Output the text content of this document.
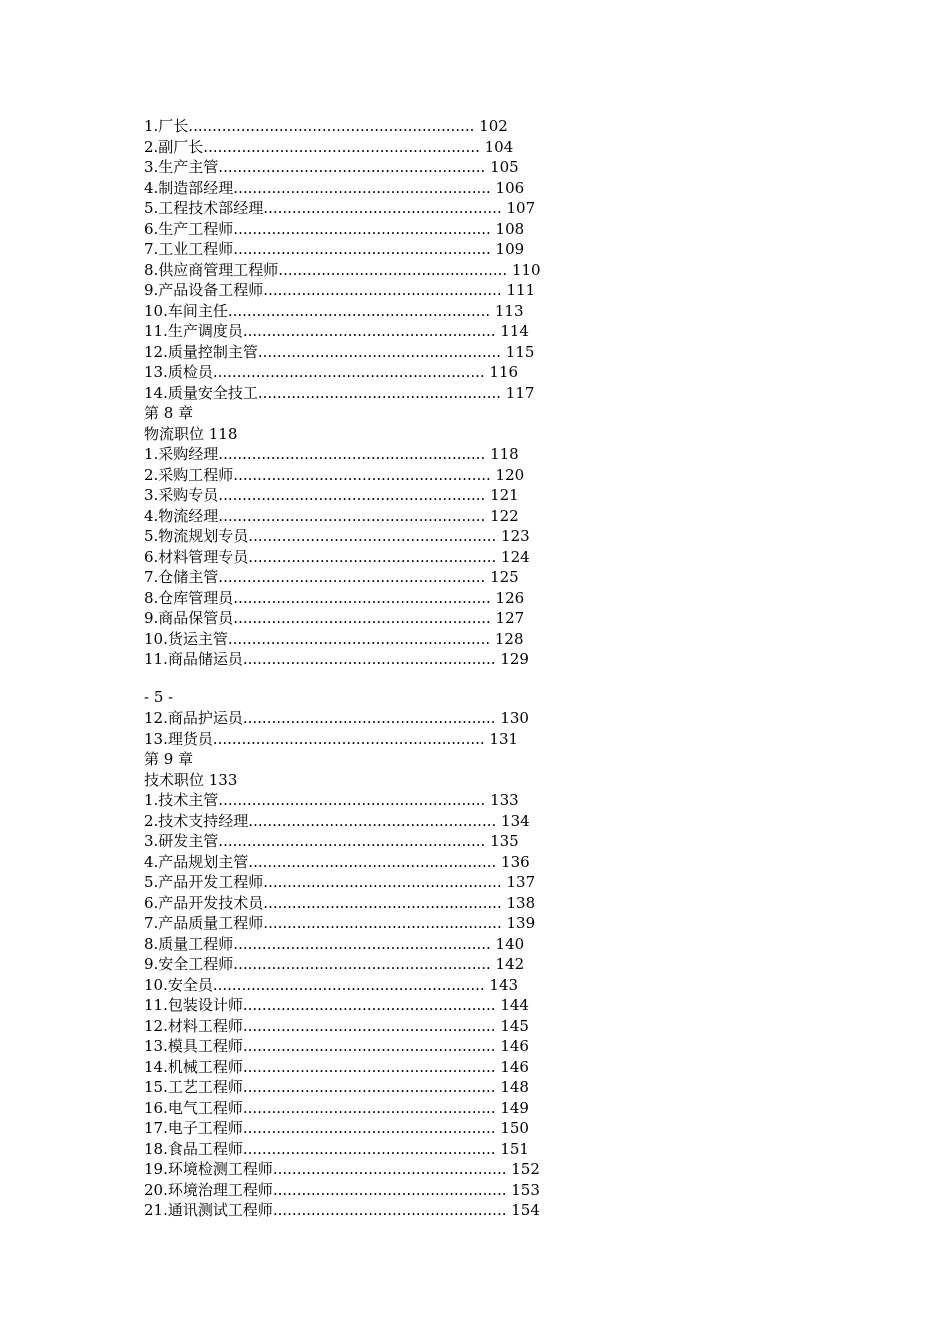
1.厂长............................................................ 102
2.副厂长.......................................................... 104
3.生产主管........................................................ 105
4.制造部经理...................................................... 106
5.工程技术部经理.................................................. 107
6.生产工程师...................................................... 108
7.工业工程师...................................................... 109
8.供应商管理工程师................................................ 110
9.产品设备工程师.................................................. 111
10.车间主任....................................................... 113
11.生产调度员..................................................... 114
12.质量控制主管................................................... 115
13.质检员......................................................... 116
14.质量安全技工................................................... 117
第 8 章
物流职位 118
1.采购经理........................................................ 118
2.采购工程师...................................................... 120
3.采购专员........................................................ 121
4.物流经理........................................................ 122
5.物流规划专员.................................................... 123
6.材料管理专员.................................................... 124
7.仓储主管........................................................ 125
8.仓库管理员...................................................... 126
9.商品保管员...................................................... 127
10.货运主管....................................................... 128
11.商品储运员..................................................... 129
- 5 -
12.商品护运员..................................................... 130
13.理货员......................................................... 131
第 9 章
技术职位 133
1.技术主管........................................................ 133
2.技术支持经理.................................................... 134
3.研发主管........................................................ 135
4.产品规划主管.................................................... 136
5.产品开发工程师.................................................. 137
6.产品开发技术员.................................................. 138
7.产品质量工程师.................................................. 139
8.质量工程师...................................................... 140
9.安全工程师...................................................... 142
10.安全员......................................................... 143
11.包装设计师..................................................... 144
12.材料工程师..................................................... 145
13.模具工程师..................................................... 146
14.机械工程师..................................................... 146
15.工艺工程师..................................................... 148
16.电气工程师..................................................... 149
17.电子工程师..................................................... 150
18.食品工程师..................................................... 151
19.环境检测工程师................................................. 152
20.环境治理工程师................................................. 153
21.通讯测试工程师................................................. 154
